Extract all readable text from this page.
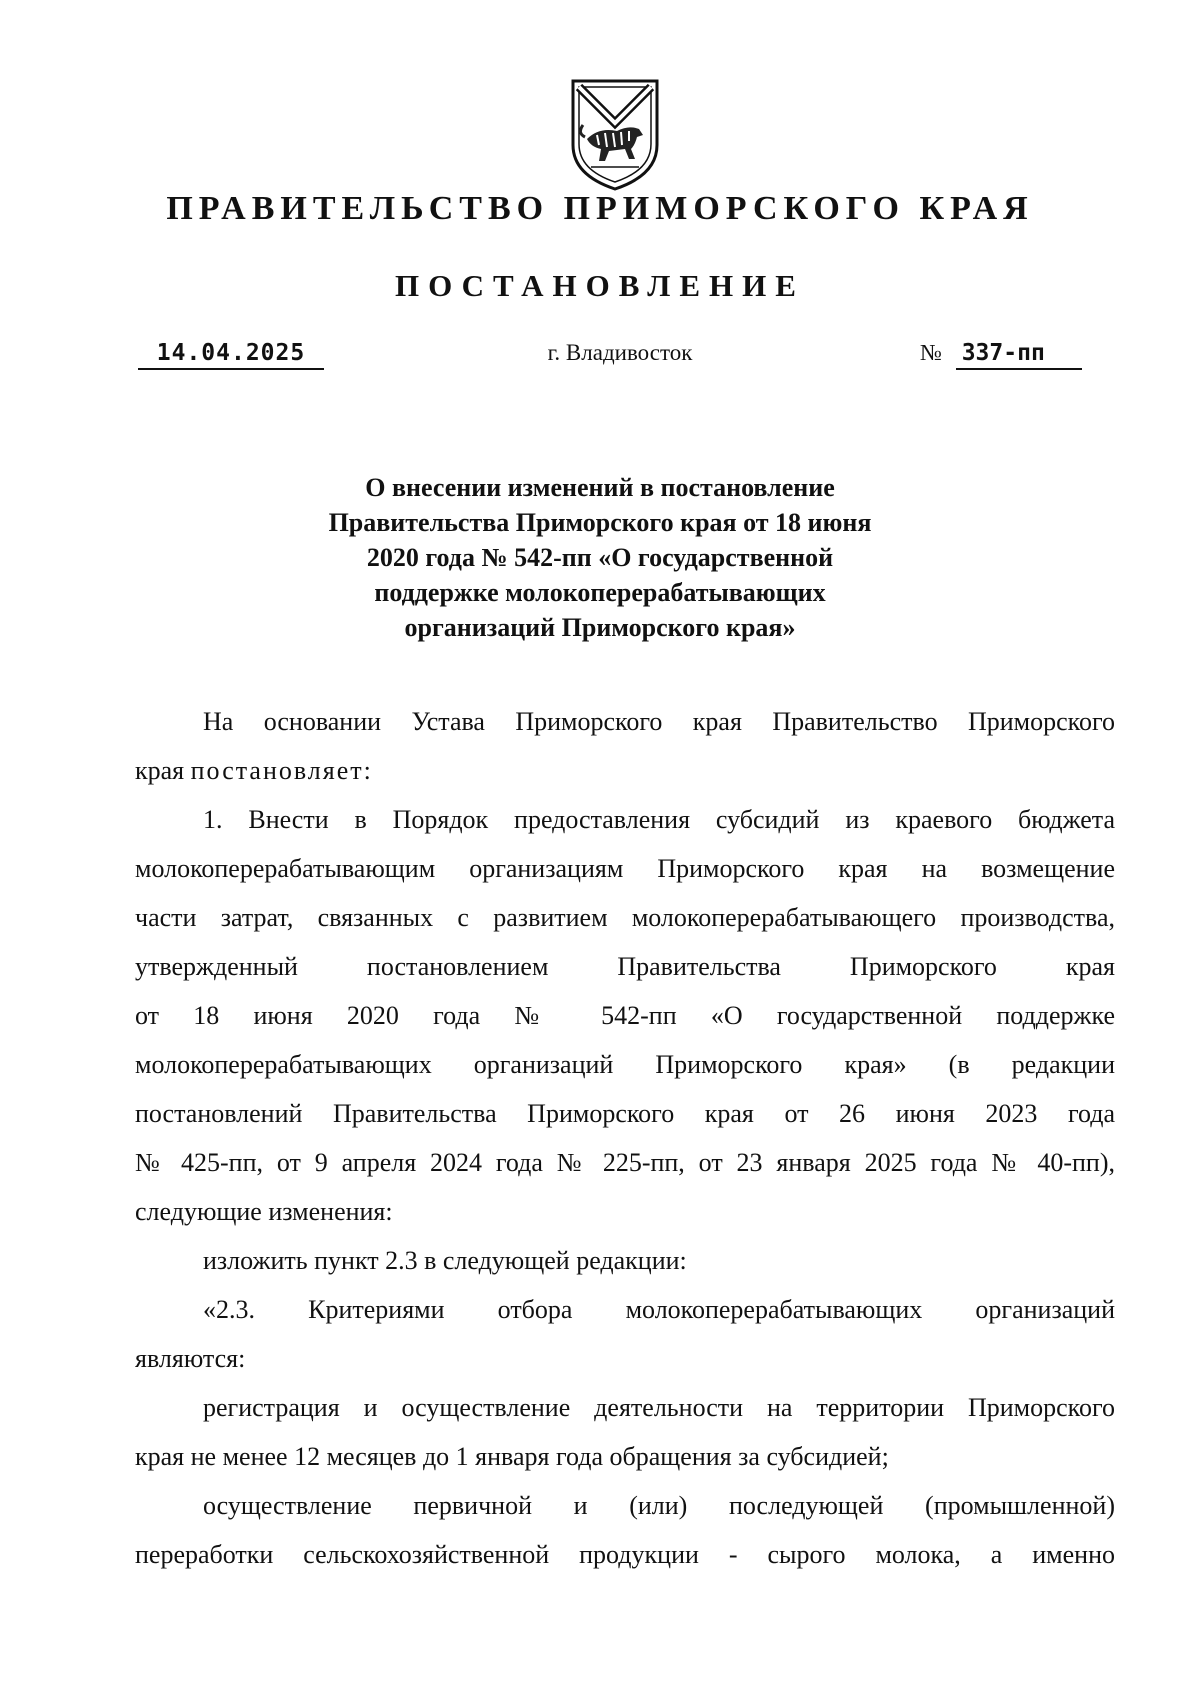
ПРАВИТЕЛЬСТВО ПРИМОРСКОГО КРАЯ
ПОСТАНОВЛЕНИЕ
14.04.2025	г. Владивосток	№ 337-пп
О внесении изменений в постановление
Правительства Приморского края от 18 июня
2020 года № 542-пп «О государственной
поддержке молокоперерабатывающих
организаций Приморского края»
На основании Устава Приморского края Правительство Приморского
края постановляет:
1. Внести в Порядок предоставления субсидий из краевого бюджета
молокоперерабатывающим организациям Приморского края на возмещение
части затрат, связанных с развитием молокоперерабатывающего производства,
утвержденный постановлением Правительства Приморского края
от 18 июня 2020 года № 542-пп «О государственной поддержке
молокоперерабатывающих организаций Приморского края» (в редакции
постановлений Правительства Приморского края от 26 июня 2023 года
№ 425-пп, от 9 апреля 2024 года № 225-пп, от 23 января 2025 года № 40-пп),
следующие изменения:
изложить пункт 2.3 в следующей редакции:
«2.3. Критериями отбора молокоперерабатывающих организаций
являются:
регистрация и осуществление деятельности на территории Приморского
края не менее 12 месяцев до 1 января года обращения за субсидией;
осуществление первичной и (или) последующей (промышленной)
переработки сельскохозяйственной продукции - сырого молока, а именно
